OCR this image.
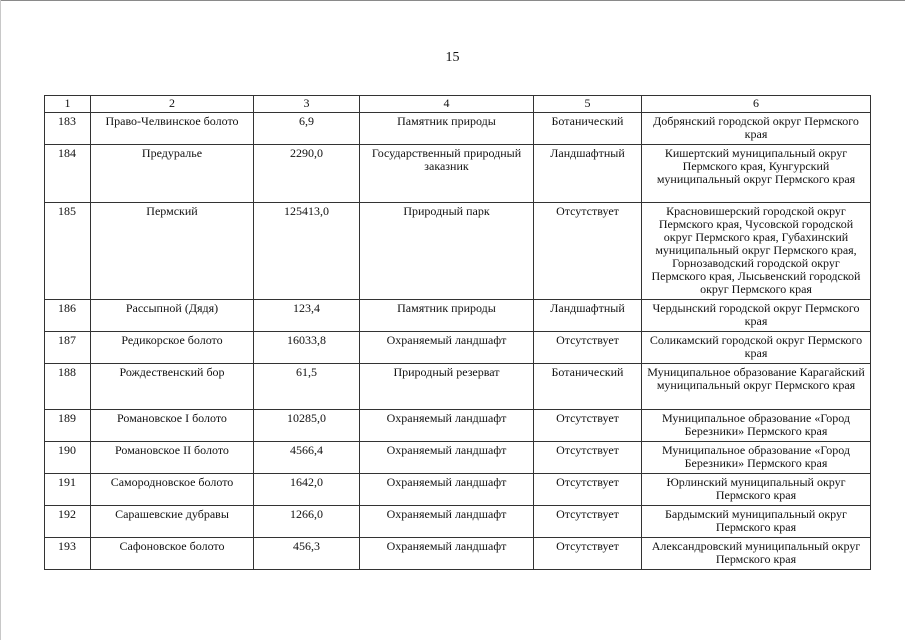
15
1	2	3	4	5	6
183	Право-Челвинское болото	6,9	Памятник природы	Ботанический	Добрянский городской округ Пермского края
184	Предуралье	2290,0	Государственный природный заказник	Ландшафтный	Кишертский муниципальный округ Пермского края, Кунгурский муниципальный округ Пермского края
185	Пермский	125413,0	Природный парк	Отсутствует	Красновишерский городской округ Пермского края, Чусовской городской округ Пермского края, Губахинский муниципальный округ Пермского края, Горнозаводский городской округ Пермского края, Лысьвенский городской округ Пермского края
186	Рассыпной (Дядя)	123,4	Памятник природы	Ландшафтный	Чердынский городской округ Пермского края
187	Редикорское болото	16033,8	Охраняемый ландшафт	Отсутствует	Соликамский городской округ Пермского края
188	Рождественский бор	61,5	Природный резерват	Ботанический	Муниципальное образование Карагайский муниципальный округ Пермского края
189	Романовское I болото	10285,0	Охраняемый ландшафт	Отсутствует	Муниципальное образование «Город Березники» Пермского края
190	Романовское II болото	4566,4	Охраняемый ландшафт	Отсутствует	Муниципальное образование «Город Березники» Пермского края
191	Самородновское болото	1642,0	Охраняемый ландшафт	Отсутствует	Юрлинский муниципальный округ Пермского края
192	Сарашевские дубравы	1266,0	Охраняемый ландшафт	Отсутствует	Бардымский муниципальный округ Пермского края
193	Сафоновское болото	456,3	Охраняемый ландшафт	Отсутствует	Александровский муниципальный округ Пермского края
